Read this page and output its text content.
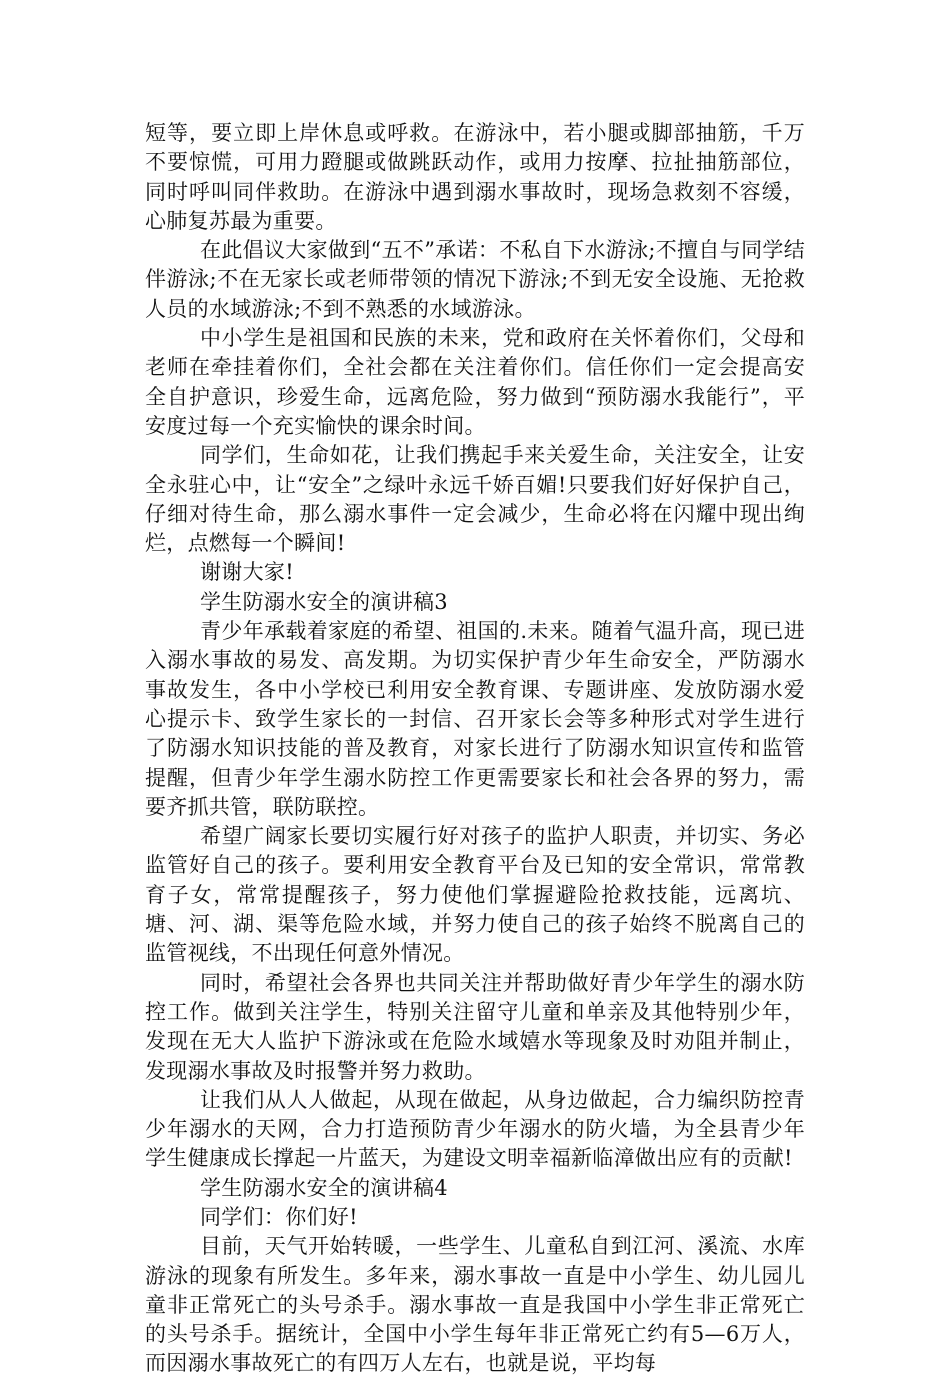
短等，要立即上岸休息或呼救。在游泳中，若小腿或脚部抽筋，千万不要惊慌，可用力蹬腿或做跳跃动作，或用力按摩、拉扯抽筋部位，同时呼叫同伴救助。在游泳中遇到溺水事故时，现场急救刻不容缓，心肺复苏最为重要。

在此倡议大家做到“五不”承诺：不私自下水游泳;不擅自与同学结伴游泳;不在无家长或老师带领的情况下游泳;不到无安全设施、无抢救人员的水域游泳;不到不熟悉的水域游泳。

中小学生是祖国和民族的未来，党和政府在关怀着你们，父母和老师在牵挂着你们，全社会都在关注着你们。信任你们一定会提高安全自护意识，珍爱生命，远离危险，努力做到“预防溺水我能行”，平安度过每一个充实愉快的课余时间。

同学们，生命如花，让我们携起手来关爱生命，关注安全，让安全永驻心中，让“安全”之绿叶永远千娇百媚!只要我们好好保护自己，仔细对待生命，那么溺水事件一定会减少，生命必将在闪耀中现出绚烂，点燃每一个瞬间!

谢谢大家!

学生防溺水安全的演讲稿3

青少年承载着家庭的希望、祖国的.未来。随着气温升高，现已进入溺水事故的易发、高发期。为切实保护青少年生命安全，严防溺水事故发生，各中小学校已利用安全教育课、专题讲座、发放防溺水爱心提示卡、致学生家长的一封信、召开家长会等多种形式对学生进行了防溺水知识技能的普及教育，对家长进行了防溺水知识宣传和监管提醒，但青少年学生溺水防控工作更需要家长和社会各界的努力，需要齐抓共管，联防联控。

希望广阔家长要切实履行好对孩子的监护人职责，并切实、务必监管好自己的孩子。要利用安全教育平台及已知的安全常识，常常教育子女，常常提醒孩子，努力使他们掌握避险抢救技能，远离坑、塘、河、湖、渠等危险水域，并努力使自己的孩子始终不脱离自己的监管视线，不出现任何意外情况。

同时，希望社会各界也共同关注并帮助做好青少年学生的溺水防控工作。做到关注学生，特别关注留守儿童和单亲及其他特别少年，发现在无大人监护下游泳或在危险水域嬉水等现象及时劝阻并制止，发现溺水事故及时报警并努力救助。

让我们从人人做起，从现在做起，从身边做起，合力编织防控青少年溺水的天网，合力打造预防青少年溺水的防火墙，为全县青少年学生健康成长撑起一片蓝天，为建设文明幸福新临漳做出应有的贡献!

学生防溺水安全的演讲稿4

同学们：你们好!

目前，天气开始转暖，一些学生、儿童私自到江河、溪流、水库游泳的现象有所发生。多年来，溺水事故一直是中小学生、幼儿园儿童非正常死亡的头号杀手。溺水事故一直是我国中小学生非正常死亡的头号杀手。据统计，全国中小学生每年非正常死亡约有5—6万人，而因溺水事故死亡的有四万人左右，也就是说，平均每
